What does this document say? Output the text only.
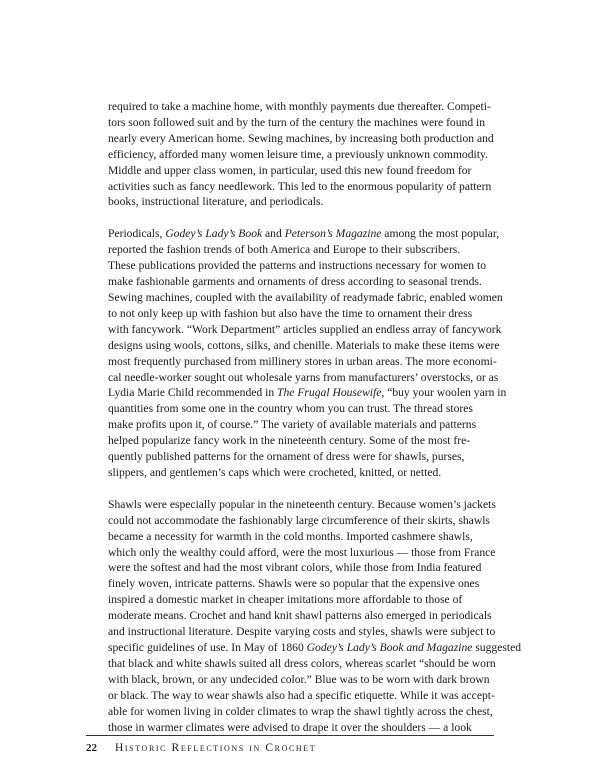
required to take a machine home, with monthly payments due thereafter. Competi-
tors soon followed suit and by the turn of the century the machines were found in
nearly every American home. Sewing machines, by increasing both production and
efficiency, afforded many women leisure time, a previously unknown commodity.
Middle and upper class women, in particular, used this new found freedom for
activities such as fancy needlework. This led to the enormous popularity of pattern
books, instructional literature, and periodicals.
Periodicals, Godey’s Lady’s Book and Peterson’s Magazine among the most popular,
reported the fashion trends of both America and Europe to their subscribers.
These publications provided the patterns and instructions necessary for women to
make fashionable garments and ornaments of dress according to seasonal trends.
Sewing machines, coupled with the availability of readymade fabric, enabled women
to not only keep up with fashion but also have the time to ornament their dress
with fancywork. “Work Department” articles supplied an endless array of fancywork
designs using wools, cottons, silks, and chenille. Materials to make these items were
most frequently purchased from millinery stores in urban areas. The more economi-
cal needle-worker sought out wholesale yarns from manufacturers’ overstocks, or as
Lydia Marie Child recommended in The Frugal Housewife, “buy your woolen yarn in
quantities from some one in the country whom you can trust. The thread stores
make profits upon it, of course.” The variety of available materials and patterns
helped popularize fancy work in the nineteenth century. Some of the most fre-
quently published patterns for the ornament of dress were for shawls, purses,
slippers, and gentlemen’s caps which were crocheted, knitted, or netted.
Shawls were especially popular in the nineteenth century. Because women’s jackets
could not accommodate the fashionably large circumference of their skirts, shawls
became a necessity for warmth in the cold months. Imported cashmere shawls,
which only the wealthy could afford, were the most luxurious — those from France
were the softest and had the most vibrant colors, while those from India featured
finely woven, intricate patterns. Shawls were so popular that the expensive ones
inspired a domestic market in cheaper imitations more affordable to those of
moderate means. Crochet and hand knit shawl patterns also emerged in periodicals
and instructional literature. Despite varying costs and styles, shawls were subject to
specific guidelines of use. In May of 1860 Godey’s Lady’s Book and Magazine suggested
that black and white shawls suited all dress colors, whereas scarlet “should be worn
with black, brown, or any undecided color.” Blue was to be worn with dark brown
or black. The way to wear shawls also had a specific etiquette. While it was accept-
able for women living in colder climates to wrap the shawl tightly across the chest,
those in warmer climates were advised to drape it over the shoulders — a look
22 Historic Reflections in Crochet
